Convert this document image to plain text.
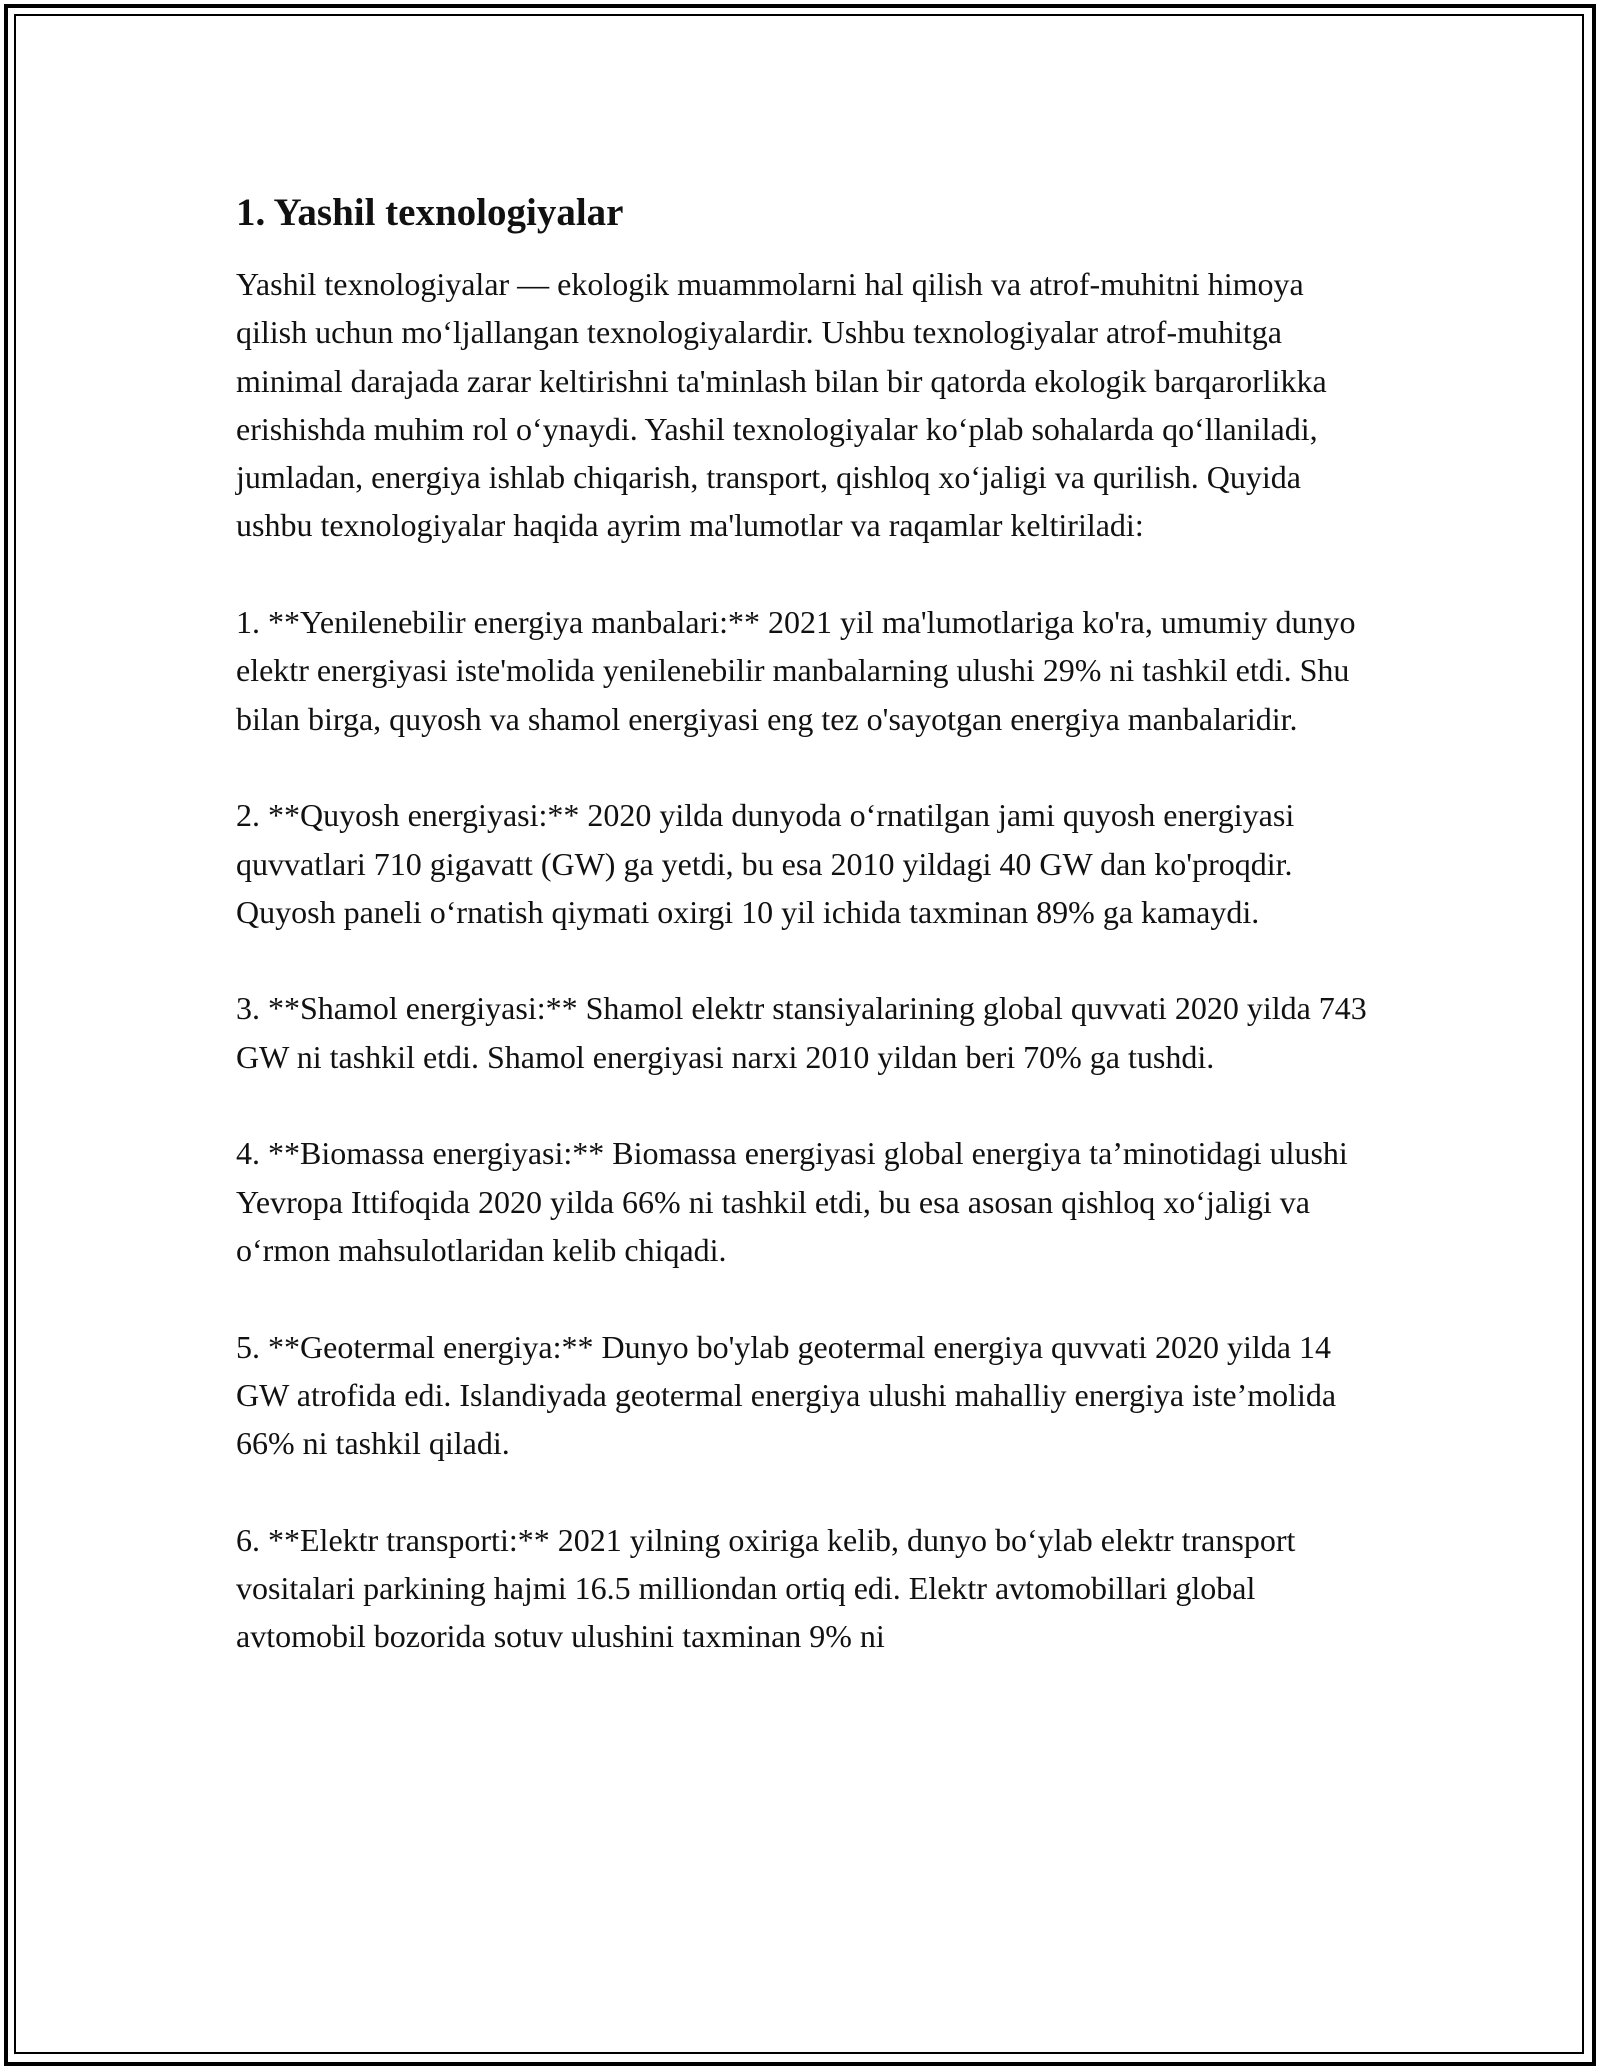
1. Yashil texnologiyalar

Yashil texnologiyalar — ekologik muammolarni hal qilish va atrof-muhitni himoya qilish uchun mo‘ljallangan texnologiyalardir. Ushbu texnologiyalar atrof-muhitga minimal darajada zarar keltirishni ta'minlash bilan bir qatorda ekologik barqarorlikka erishishda muhim rol o‘ynaydi. Yashil texnologiyalar ko‘plab sohalarda qo‘llaniladi, jumladan, energiya ishlab chiqarish, transport, qishloq xo‘jaligi va qurilish. Quyida ushbu texnologiyalar haqida ayrim ma'lumotlar va raqamlar keltiriladi:

1. **Yenilenebilir energiya manbalari:** 2021 yil ma'lumotlariga ko'ra, umumiy dunyo elektr energiyasi iste'molida yenilenebilir manbalarning ulushi 29% ni tashkil etdi. Shu bilan birga, quyosh va shamol energiyasi eng tez o'sayotgan energiya manbalaridir.

2. **Quyosh energiyasi:** 2020 yilda dunyoda o‘rnatilgan jami quyosh energiyasi quvvatlari 710 gigavatt (GW) ga yetdi, bu esa 2010 yildagi 40 GW dan ko'proqdir. Quyosh paneli o‘rnatish qiymati oxirgi 10 yil ichida taxminan 89% ga kamaydi.

3. **Shamol energiyasi:** Shamol elektr stansiyalarining global quvvati 2020 yilda 743 GW ni tashkil etdi. Shamol energiyasi narxi 2010 yildan beri 70% ga tushdi.

4. **Biomassa energiyasi:** Biomassa energiyasi global energiya ta’minotidagi ulushi Yevropa Ittifoqida 2020 yilda 66% ni tashkil etdi, bu esa asosan qishloq xo‘jaligi va o‘rmon mahsulotlaridan kelib chiqadi.

5. **Geotermal energiya:** Dunyo bo'ylab geotermal energiya quvvati 2020 yilda 14 GW atrofida edi. Islandiyada geotermal energiya ulushi mahalliy energiya iste’molida 66% ni tashkil qiladi.

6. **Elektr transporti:** 2021 yilning oxiriga kelib, dunyo bo‘ylab elektr transport vositalari parkining hajmi 16.5 milliondan ortiq edi. Elektr avtomobillari global avtomobil bozorida sotuv ulushini taxminan 9% ni
